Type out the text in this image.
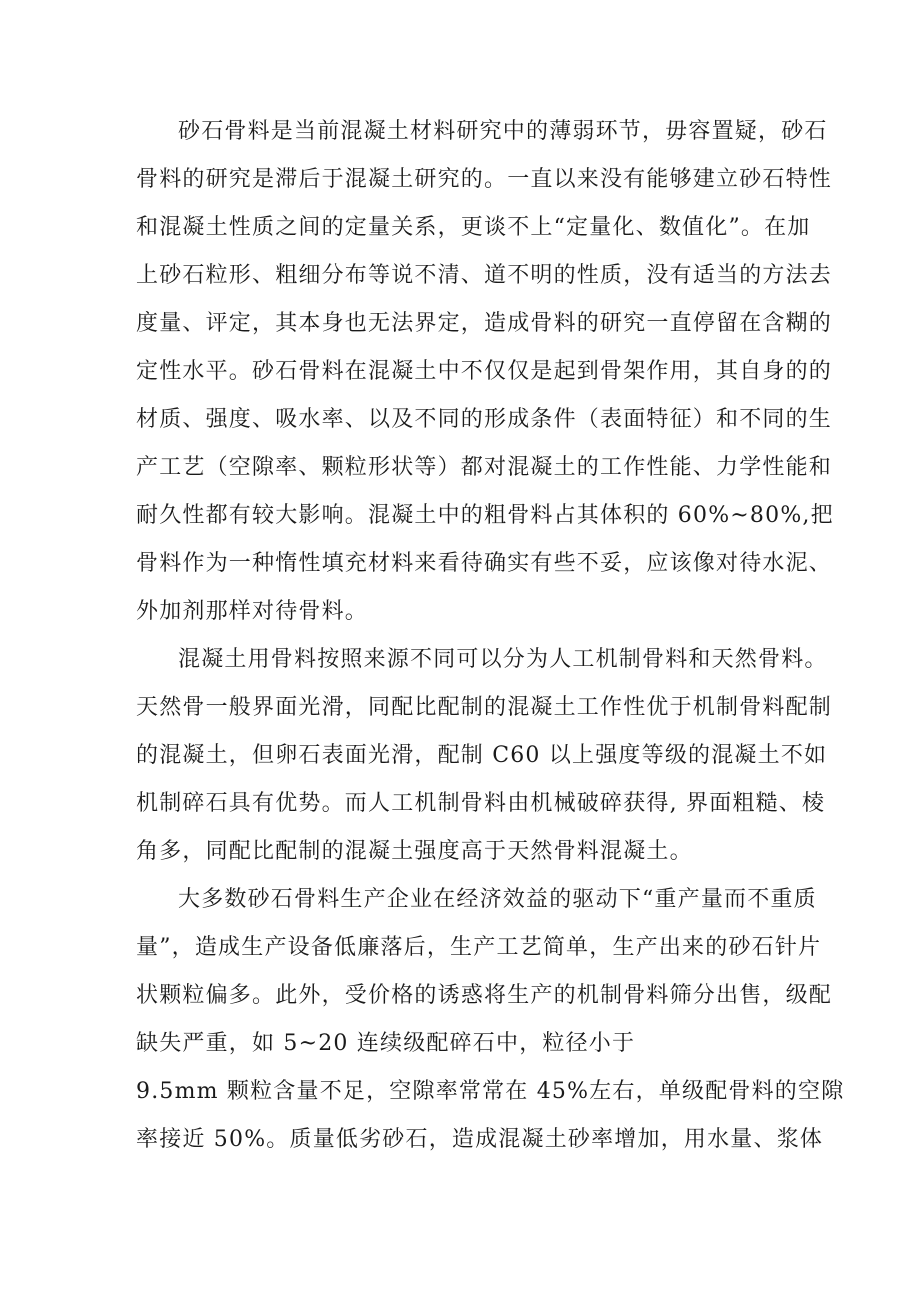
砂石骨料是当前混凝土材料研究中的薄弱环节，毋容置疑，砂石
骨料的研究是滞后于混凝土研究的。一直以来没有能够建立砂石特性
和混凝土性质之间的定量关系，更谈不上“定量化、数值化”。在加
上砂石粒形、粗细分布等说不清、道不明的性质，没有适当的方法去
度量、评定，其本身也无法界定，造成骨料的研究一直停留在含糊的
定性水平。砂石骨料在混凝土中不仅仅是起到骨架作用，其自身的的
材质、强度、吸水率、以及不同的形成条件（表面特征）和不同的生
产工艺（空隙率、颗粒形状等）都对混凝土的工作性能、力学性能和
耐久性都有较大影响。混凝土中的粗骨料占其体积的 60%~80%,把
骨料作为一种惰性填充材料来看待确实有些不妥，应该像对待水泥、
外加剂那样对待骨料。
混凝土用骨料按照来源不同可以分为人工机制骨料和天然骨料。
天然骨一般界面光滑，同配比配制的混凝土工作性优于机制骨料配制
的混凝土，但卵石表面光滑，配制 C60 以上强度等级的混凝土不如
机制碎石具有优势。而人工机制骨料由机械破碎获得, 界面粗糙、棱
角多，同配比配制的混凝土强度高于天然骨料混凝土。
大多数砂石骨料生产企业在经济效益的驱动下“重产量而不重质
量”，造成生产设备低廉落后，生产工艺简单，生产出来的砂石针片
状颗粒偏多。此外，受价格的诱惑将生产的机制骨料筛分出售，级配
缺失严重，如 5~20 连续级配碎石中，粒径小于
9.5mm 颗粒含量不足，空隙率常常在 45%左右，单级配骨料的空隙
率接近 50%。质量低劣砂石，造成混凝土砂率增加，用水量、浆体
